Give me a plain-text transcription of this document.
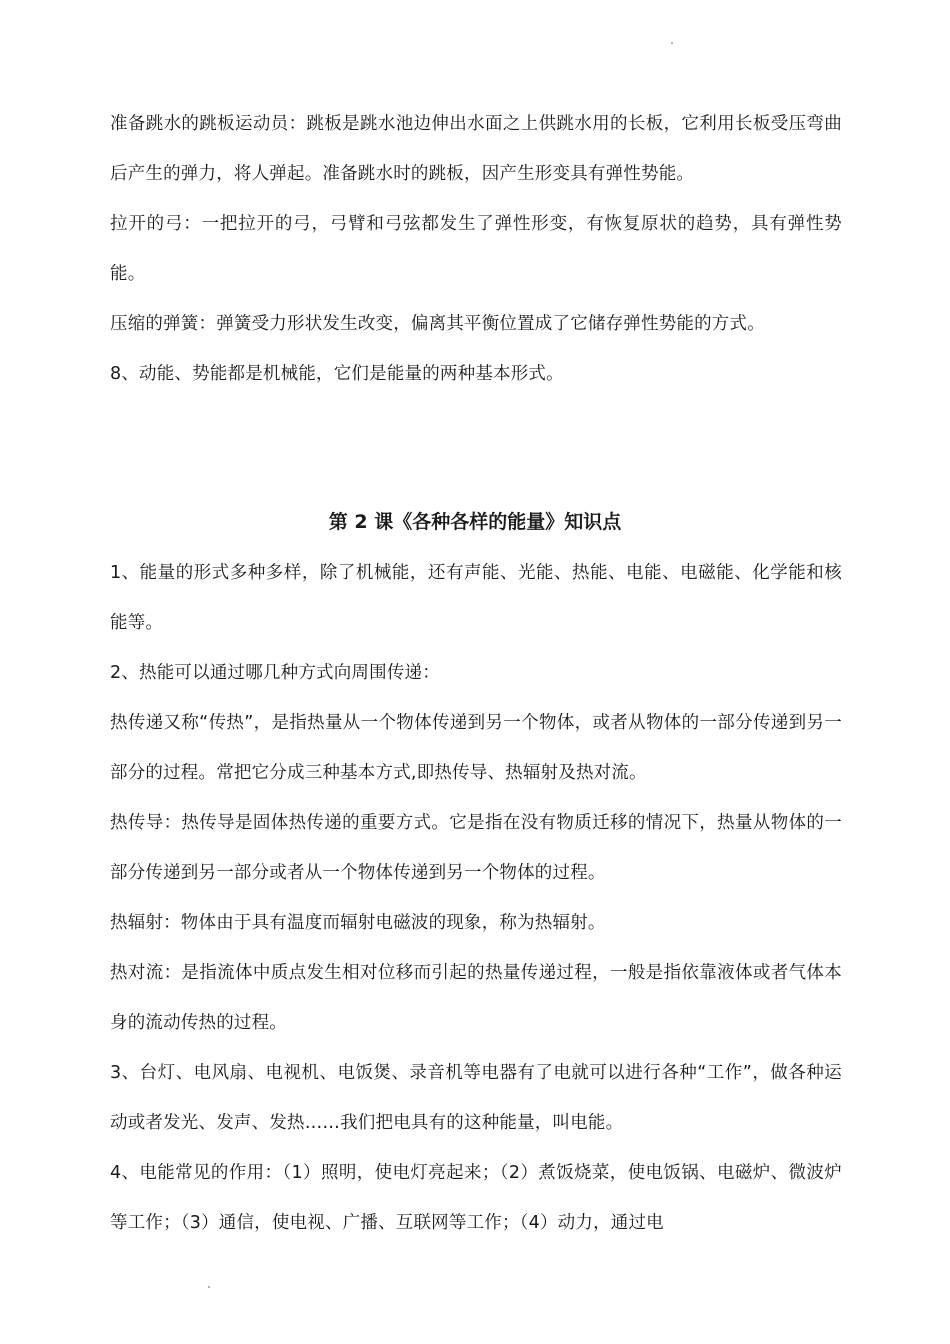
准备跳水的跳板运动员：跳板是跳水池边伸出水面之上供跳水用的长板，它利用长板受压弯曲后产生的弹力，将人弹起。准备跳水时的跳板，因产生形变具有弹性势能。

拉开的弓：一把拉开的弓，弓臂和弓弦都发生了弹性形变，有恢复原状的趋势，具有弹性势能。

压缩的弹簧：弹簧受力形状发生改变，偏离其平衡位置成了它储存弹性势能的方式。

8、动能、势能都是机械能，它们是能量的两种基本形式。

第 2 课《各种各样的能量》知识点

1、能量的形式多种多样，除了机械能，还有声能、光能、热能、电能、电磁能、化学能和核能等。

2、热能可以通过哪几种方式向周围传递：

热传递又称“传热”，是指热量从一个物体传递到另一个物体，或者从物体的一部分传递到另一部分的过程。常把它分成三种基本方式,即热传导、热辐射及热对流。

热传导：热传导是固体热传递的重要方式。它是指在没有物质迁移的情况下，热量从物体的一部分传递到另一部分或者从一个物体传递到另一个物体的过程。

热辐射：物体由于具有温度而辐射电磁波的现象，称为热辐射。

热对流：是指流体中质点发生相对位移而引起的热量传递过程，一般是指依靠液体或者气体本身的流动传热的过程。

3、台灯、电风扇、电视机、电饭煲、录音机等电器有了电就可以进行各种“工作”，做各种运动或者发光、发声、发热……我们把电具有的这种能量，叫电能。

4、电能常见的作用：（1）照明，使电灯亮起来；（2）煮饭烧菜，使电饭锅、电磁炉、微波炉等工作；（3）通信，使电视、广播、互联网等工作；（4）动力，通过电
